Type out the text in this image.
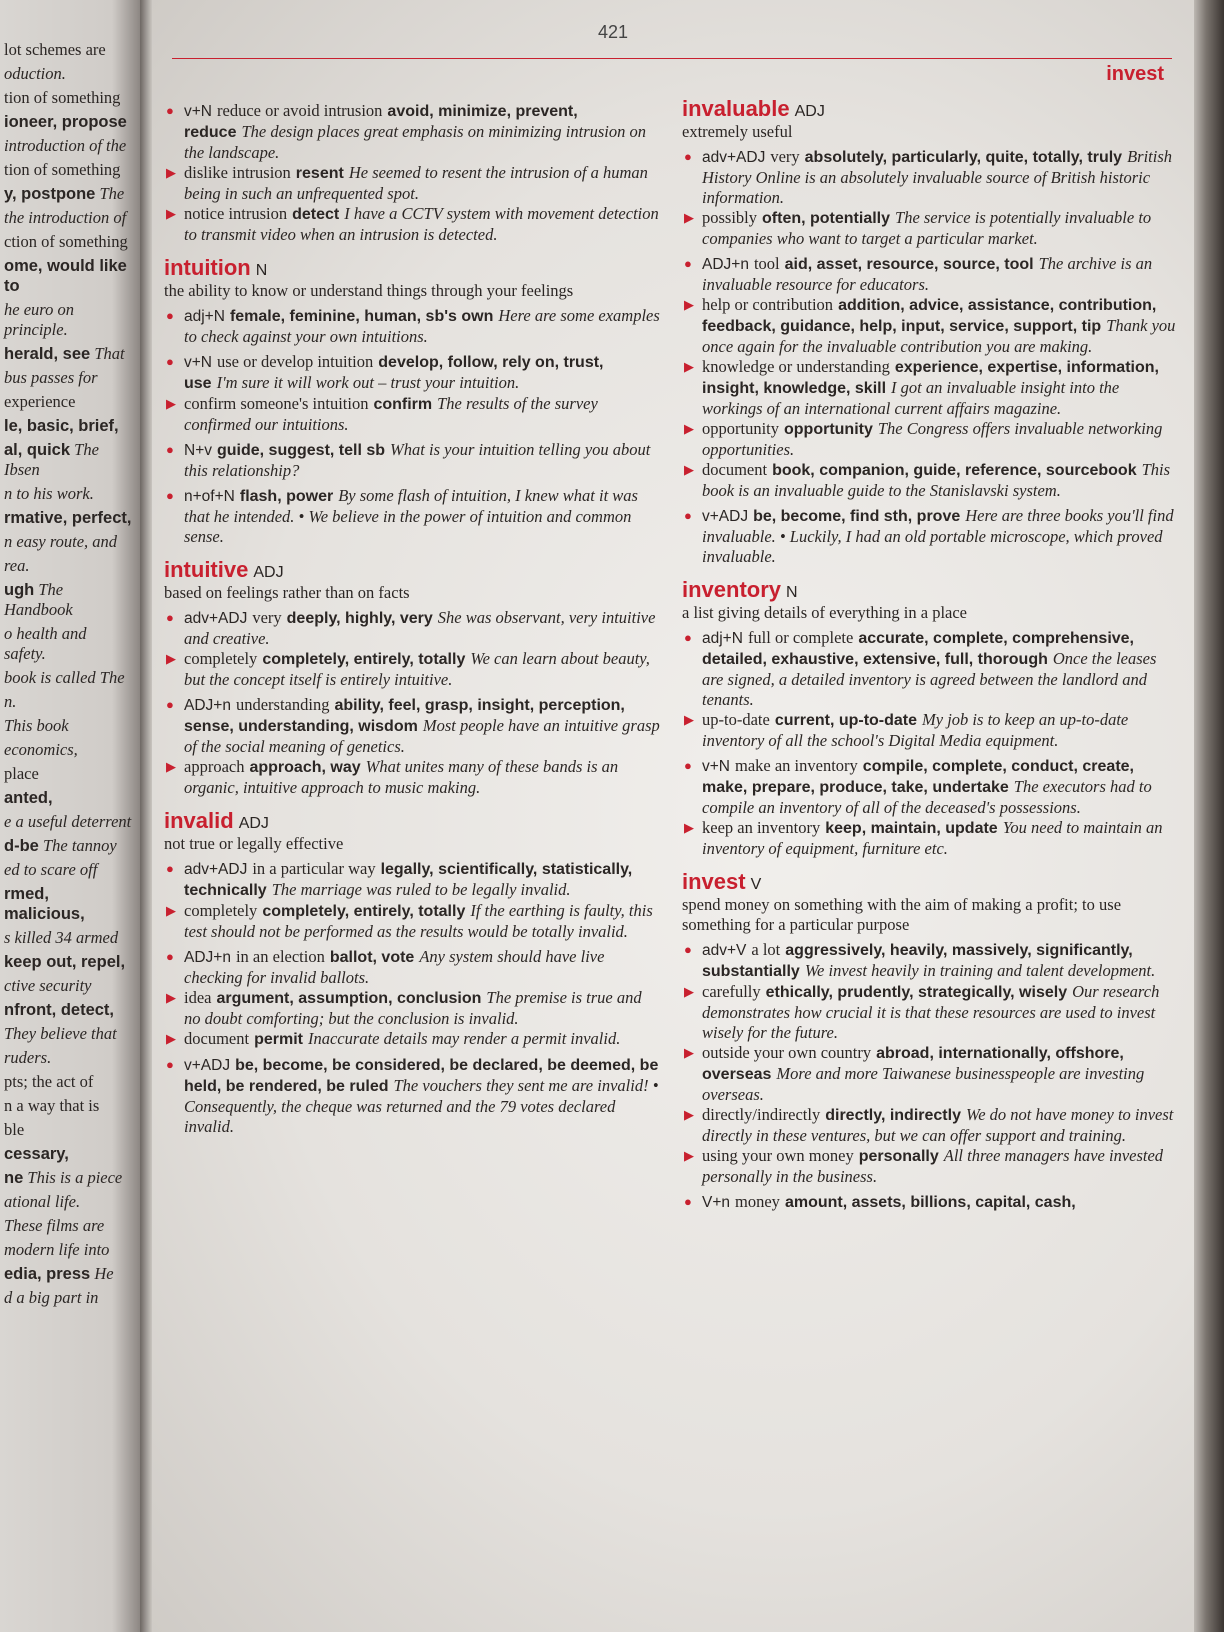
lot schemes are
oduction.
tion of something
ioneer, propose
introduction of the
tion of something
y, postpone The
the introduction of
ction of something
ome, would like to
he euro on principle.
herald, see That
bus passes for
experience
le, basic, brief,
al, quick The Ibsen
n to his work.
rmative, perfect,
n easy route, and
rea.
ugh The Handbook
o health and safety.
book is called The
n.
This book
economics,
place
anted,
e a useful deterrent
d-be The tannoy
ed to scare off
rmed, malicious,
s killed 34 armed
keep out, repel,
ctive security
nfront, detect,
They believe that
ruders.
pts; the act of
n a way that is
ble
cessary,
ne This is a piece
ational life.
These films are
modern life into
edia, press He
d a big part in
421
invest
● v+N reduce or avoid intrusion avoid, minimize, prevent, reduce The design places great emphasis on minimizing intrusion on the landscape.
▶ dislike intrusion resent He seemed to resent the intrusion of a human being in such an unfrequented spot.
▶ notice intrusion detect I have a CCTV system with movement detection to transmit video when an intrusion is detected.
intuition N
the ability to know or understand things through your feelings
● adj+N female, feminine, human, sb's own Here are some examples to check against your own intuitions.
● v+N use or develop intuition develop, follow, rely on, trust, use I'm sure it will work out – trust your intuition.
▶ confirm someone's intuition confirm The results of the survey confirmed our intuitions.
● N+v guide, suggest, tell sb What is your intuition telling you about this relationship?
● n+of+N flash, power By some flash of intuition, I knew what it was that he intended. • We believe in the power of intuition and common sense.
intuitive ADJ
based on feelings rather than on facts
● adv+ADJ very deeply, highly, very She was observant, very intuitive and creative.
▶ completely completely, entirely, totally We can learn about beauty, but the concept itself is entirely intuitive.
● ADJ+n understanding ability, feel, grasp, insight, perception, sense, understanding, wisdom Most people have an intuitive grasp of the social meaning of genetics.
▶ approach approach, way What unites many of these bands is an organic, intuitive approach to music making.
invalid ADJ
not true or legally effective
● adv+ADJ in a particular way legally, scientifically, statistically, technically The marriage was ruled to be legally invalid.
▶ completely completely, entirely, totally If the earthing is faulty, this test should not be performed as the results would be totally invalid.
● ADJ+n in an election ballot, vote Any system should have live checking for invalid ballots.
▶ idea argument, assumption, conclusion The premise is true and no doubt comforting; but the conclusion is invalid.
▶ document permit Inaccurate details may render a permit invalid.
● v+ADJ be, become, be considered, be declared, be deemed, be held, be rendered, be ruled The vouchers they sent me are invalid! • Consequently, the cheque was returned and the 79 votes declared invalid.
invaluable ADJ
extremely useful
● adv+ADJ very absolutely, particularly, quite, totally, truly British History Online is an absolutely invaluable source of British historic information.
▶ possibly often, potentially The service is potentially invaluable to companies who want to target a particular market.
● ADJ+n tool aid, asset, resource, source, tool The archive is an invaluable resource for educators.
▶ help or contribution addition, advice, assistance, contribution, feedback, guidance, help, input, service, support, tip Thank you once again for the invaluable contribution you are making.
▶ knowledge or understanding experience, expertise, information, insight, knowledge, skill I got an invaluable insight into the workings of an international current affairs magazine.
▶ opportunity opportunity The Congress offers invaluable networking opportunities.
▶ document book, companion, guide, reference, sourcebook This book is an invaluable guide to the Stanislavski system.
● v+ADJ be, become, find sth, prove Here are three books you'll find invaluable. • Luckily, I had an old portable microscope, which proved invaluable.
inventory N
a list giving details of everything in a place
● adj+N full or complete accurate, complete, comprehensive, detailed, exhaustive, extensive, full, thorough Once the leases are signed, a detailed inventory is agreed between the landlord and tenants.
▶ up-to-date current, up-to-date My job is to keep an up-to-date inventory of all the school's Digital Media equipment.
● v+N make an inventory compile, complete, conduct, create, make, prepare, produce, take, undertake The executors had to compile an inventory of all of the deceased's possessions.
▶ keep an inventory keep, maintain, update You need to maintain an inventory of equipment, furniture etc.
invest V
spend money on something with the aim of making a profit; to use something for a particular purpose
● adv+V a lot aggressively, heavily, massively, significantly, substantially We invest heavily in training and talent development.
▶ carefully ethically, prudently, strategically, wisely Our research demonstrates how crucial it is that these resources are used to invest wisely for the future.
▶ outside your own country abroad, internationally, offshore, overseas More and more Taiwanese businesspeople are investing overseas.
▶ directly/indirectly directly, indirectly We do not have money to invest directly in these ventures, but we can offer support and training.
▶ using your own money personally All three managers have invested personally in the business.
● V+n money amount, assets, billions, capital, cash,
